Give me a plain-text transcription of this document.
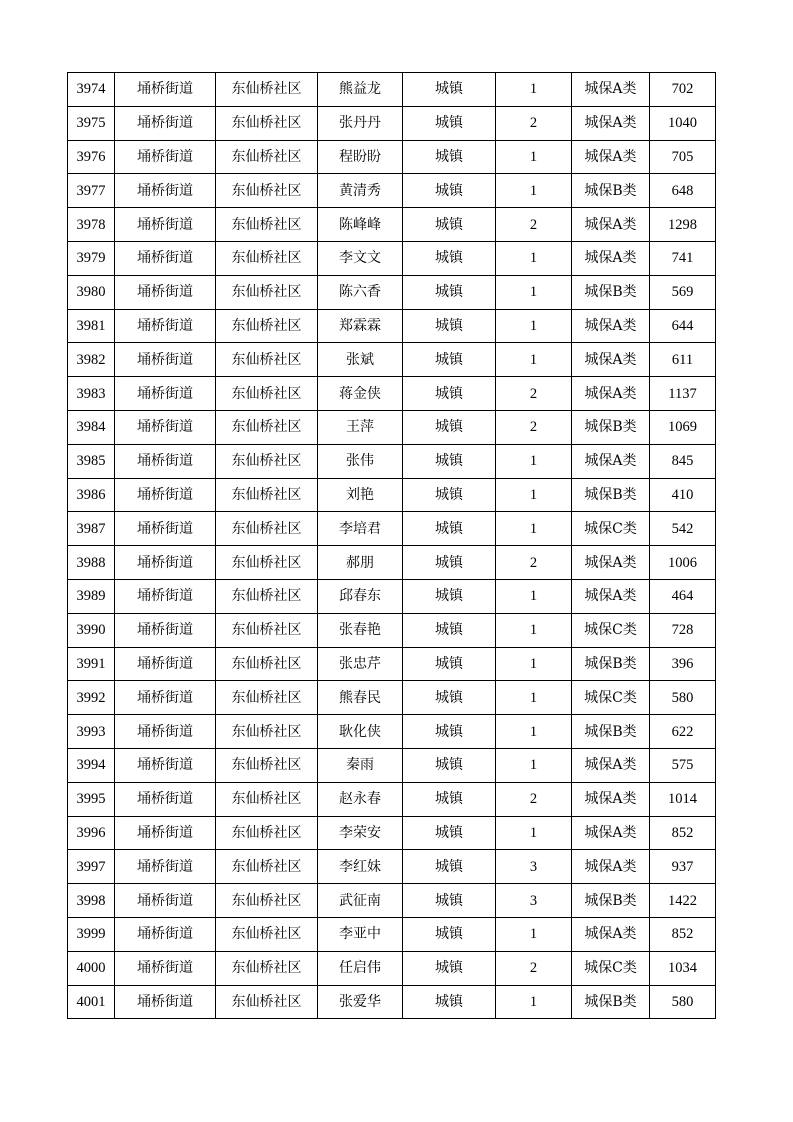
3974	埇桥街道	东仙桥社区	熊益龙	城镇	1	城保A类	702
3975	埇桥街道	东仙桥社区	张丹丹	城镇	2	城保A类	1040
3976	埇桥街道	东仙桥社区	程盼盼	城镇	1	城保A类	705
3977	埇桥街道	东仙桥社区	黄清秀	城镇	1	城保B类	648
3978	埇桥街道	东仙桥社区	陈峰峰	城镇	2	城保A类	1298
3979	埇桥街道	东仙桥社区	李文文	城镇	1	城保A类	741
3980	埇桥街道	东仙桥社区	陈六香	城镇	1	城保B类	569
3981	埇桥街道	东仙桥社区	郑霖霖	城镇	1	城保A类	644
3982	埇桥街道	东仙桥社区	张斌	城镇	1	城保A类	611
3983	埇桥街道	东仙桥社区	蒋金侠	城镇	2	城保A类	1137
3984	埇桥街道	东仙桥社区	王萍	城镇	2	城保B类	1069
3985	埇桥街道	东仙桥社区	张伟	城镇	1	城保A类	845
3986	埇桥街道	东仙桥社区	刘艳	城镇	1	城保B类	410
3987	埇桥街道	东仙桥社区	李培君	城镇	1	城保C类	542
3988	埇桥街道	东仙桥社区	郝朋	城镇	2	城保A类	1006
3989	埇桥街道	东仙桥社区	邱春东	城镇	1	城保A类	464
3990	埇桥街道	东仙桥社区	张春艳	城镇	1	城保C类	728
3991	埇桥街道	东仙桥社区	张忠芹	城镇	1	城保B类	396
3992	埇桥街道	东仙桥社区	熊春民	城镇	1	城保C类	580
3993	埇桥街道	东仙桥社区	耿化侠	城镇	1	城保B类	622
3994	埇桥街道	东仙桥社区	秦雨	城镇	1	城保A类	575
3995	埇桥街道	东仙桥社区	赵永春	城镇	2	城保A类	1014
3996	埇桥街道	东仙桥社区	李荣安	城镇	1	城保A类	852
3997	埇桥街道	东仙桥社区	李红妹	城镇	3	城保A类	937
3998	埇桥街道	东仙桥社区	武征南	城镇	3	城保B类	1422
3999	埇桥街道	东仙桥社区	李亚中	城镇	1	城保A类	852
4000	埇桥街道	东仙桥社区	任启伟	城镇	2	城保C类	1034
4001	埇桥街道	东仙桥社区	张爱华	城镇	1	城保B类	580
